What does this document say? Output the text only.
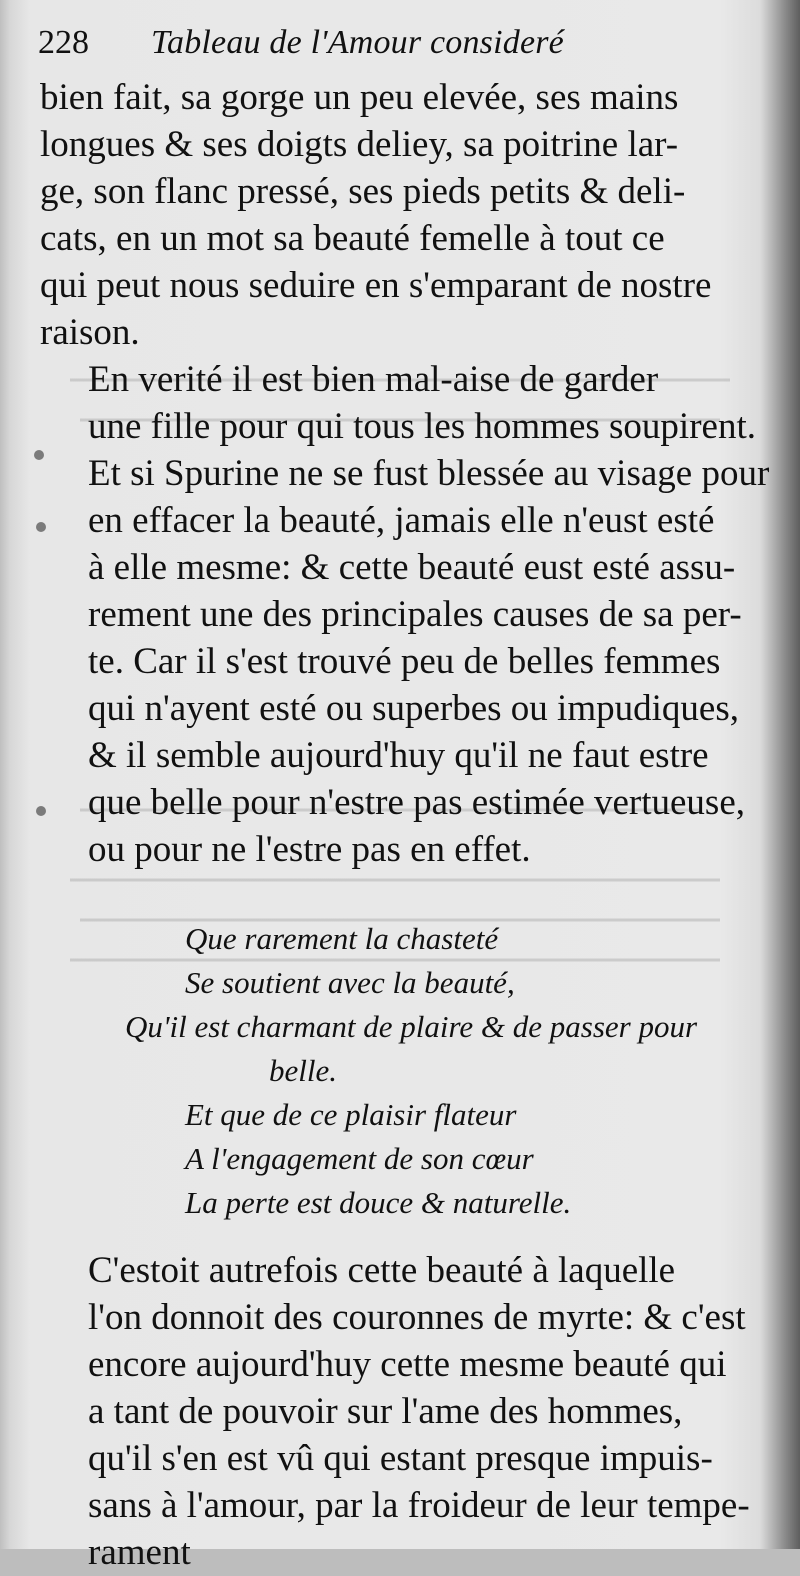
228 Tableau de l'Amour consideré
bien fait, sa gorge un peu elevée, ses mains
longues & ses doigts deliey, sa poitrine lar-
ge, son flanc pressé, ses pieds petits & deli-
cats, en un mot sa beauté femelle à tout ce
qui peut nous seduire en s'emparant de nostre
raison.
En verité il est bien mal-aise de garder
une fille pour qui tous les hommes soupirent.
Et si Spurine ne se fust blessée au visage pour
en effacer la beauté, jamais elle n'eust esté
à elle mesme: & cette beauté eust esté assu-
rement une des principales causes de sa per-
te. Car il s'est trouvé peu de belles femmes
qui n'ayent esté ou superbes ou impudiques,
& il semble aujourd'huy qu'il ne faut estre
que belle pour n'estre pas estimée vertueuse,
ou pour ne l'estre pas en effet.
Que rarement la chasteté
Se soutient avec la beauté,
Qu'il est charmant de plaire & de passer pour
belle.
Et que de ce plaisir flateur
A l'engagement de son cœur
La perte est douce & naturelle.
C'estoit autrefois cette beauté à laquelle
l'on donnoit des couronnes de myrte: & c'est
encore aujourd'huy cette mesme beauté qui
a tant de pouvoir sur l'ame des hommes,
qu'il s'en est vû qui estant presque impuis-
sans à l'amour, par la froideur de leur tempe-
rament
